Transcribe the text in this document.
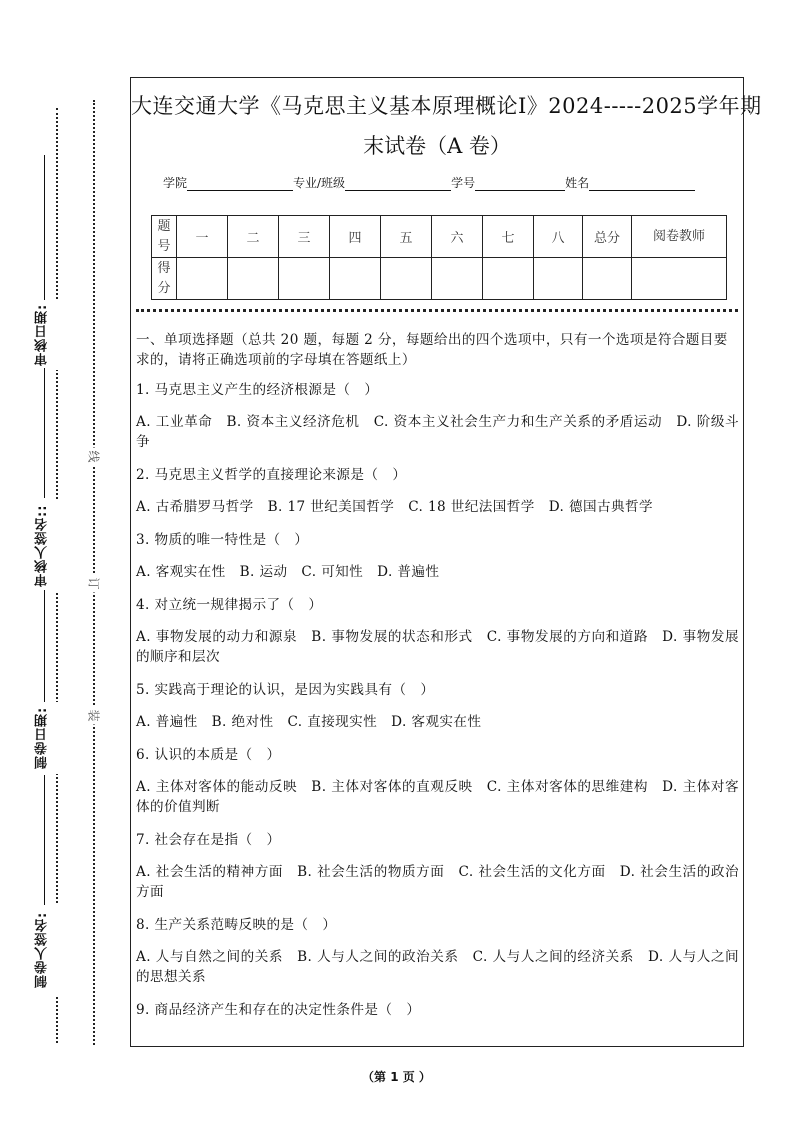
审核日期:
审核人签名::
制卷日期:
制卷人签名:
线
订
装
大连交通大学《马克思主义基本原理概论I》2024-----2025学年期
末试卷（A 卷）
学院	专业/班级	学号	姓名
题
号	一	二	三	四	五	六	七	八	总分	阅卷教师
得
分										

一、单项选择题（总共 20 题，每题 2 分，每题给出的四个选项中，只有一个选项是符合题目要求的，请将正确选项前的字母填在答题纸上）

1. 马克思主义产生的经济根源是（　）

A. 工业革命　B. 资本主义经济危机　C. 资本主义社会生产力和生产关系的矛盾运动　D. 阶级斗争

2. 马克思主义哲学的直接理论来源是（　）

A. 古希腊罗马哲学　B. 17 世纪美国哲学　C. 18 世纪法国哲学　D. 德国古典哲学

3. 物质的唯一特性是（　）

A. 客观实在性　B. 运动　C. 可知性　D. 普遍性

4. 对立统一规律揭示了（　）

A. 事物发展的动力和源泉　B. 事物发展的状态和形式　C. 事物发展的方向和道路　D. 事物发展的顺序和层次

5. 实践高于理论的认识，是因为实践具有（　）

A. 普遍性　B. 绝对性　C. 直接现实性　D. 客观实在性

6. 认识的本质是（　）

A. 主体对客体的能动反映　B. 主体对客体的直观反映　C. 主体对客体的思维建构　D. 主体对客体的价值判断

7. 社会存在是指（　）

A. 社会生活的精神方面　B. 社会生活的物质方面　C. 社会生活的文化方面　D. 社会生活的政治方面

8. 生产关系范畴反映的是（　）

A. 人与自然之间的关系　B. 人与人之间的政治关系　C. 人与人之间的经济关系　D. 人与人之间的思想关系

9. 商品经济产生和存在的决定性条件是（　）

（第 1 页 ）
